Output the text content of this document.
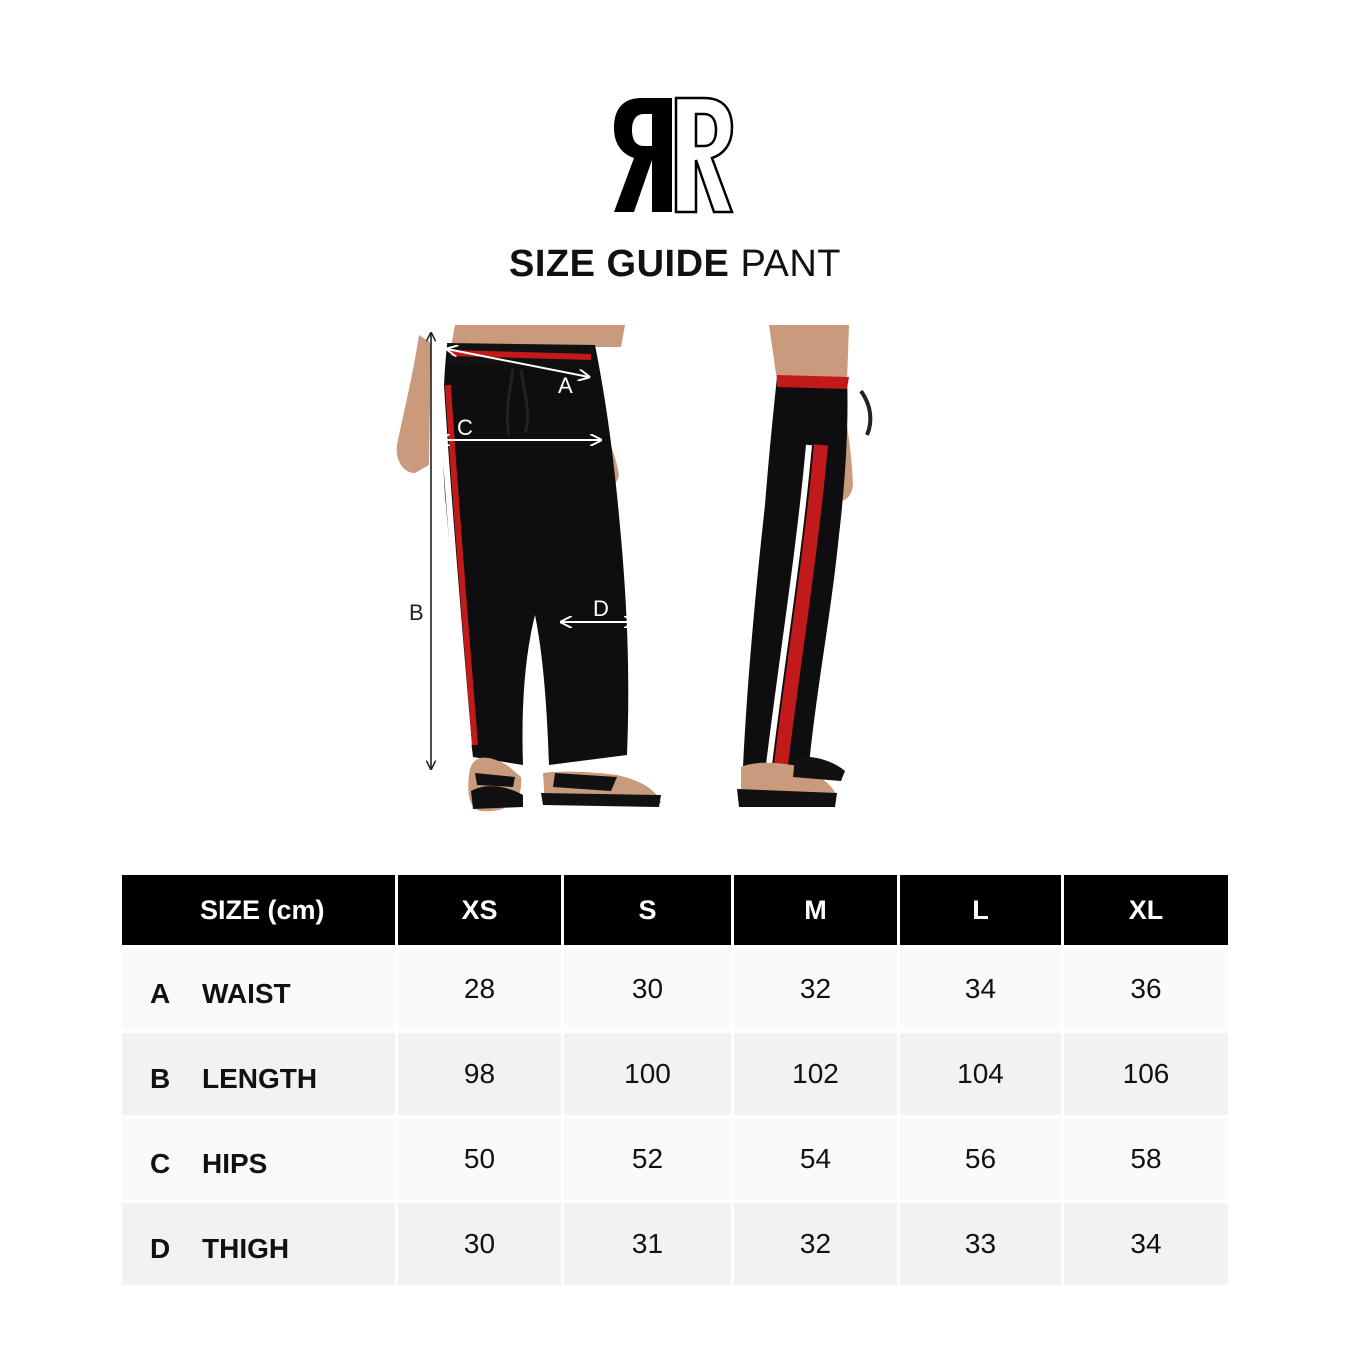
SIZE GUIDE PANT
A
C
D
B
SIZE (cm)	XS	S	M	L	XL
A WAIST	28	30	32	34	36
B LENGTH	98	100	102	104	106
C HIPS	50	52	54	56	58
D THIGH	30	31	32	33	34
